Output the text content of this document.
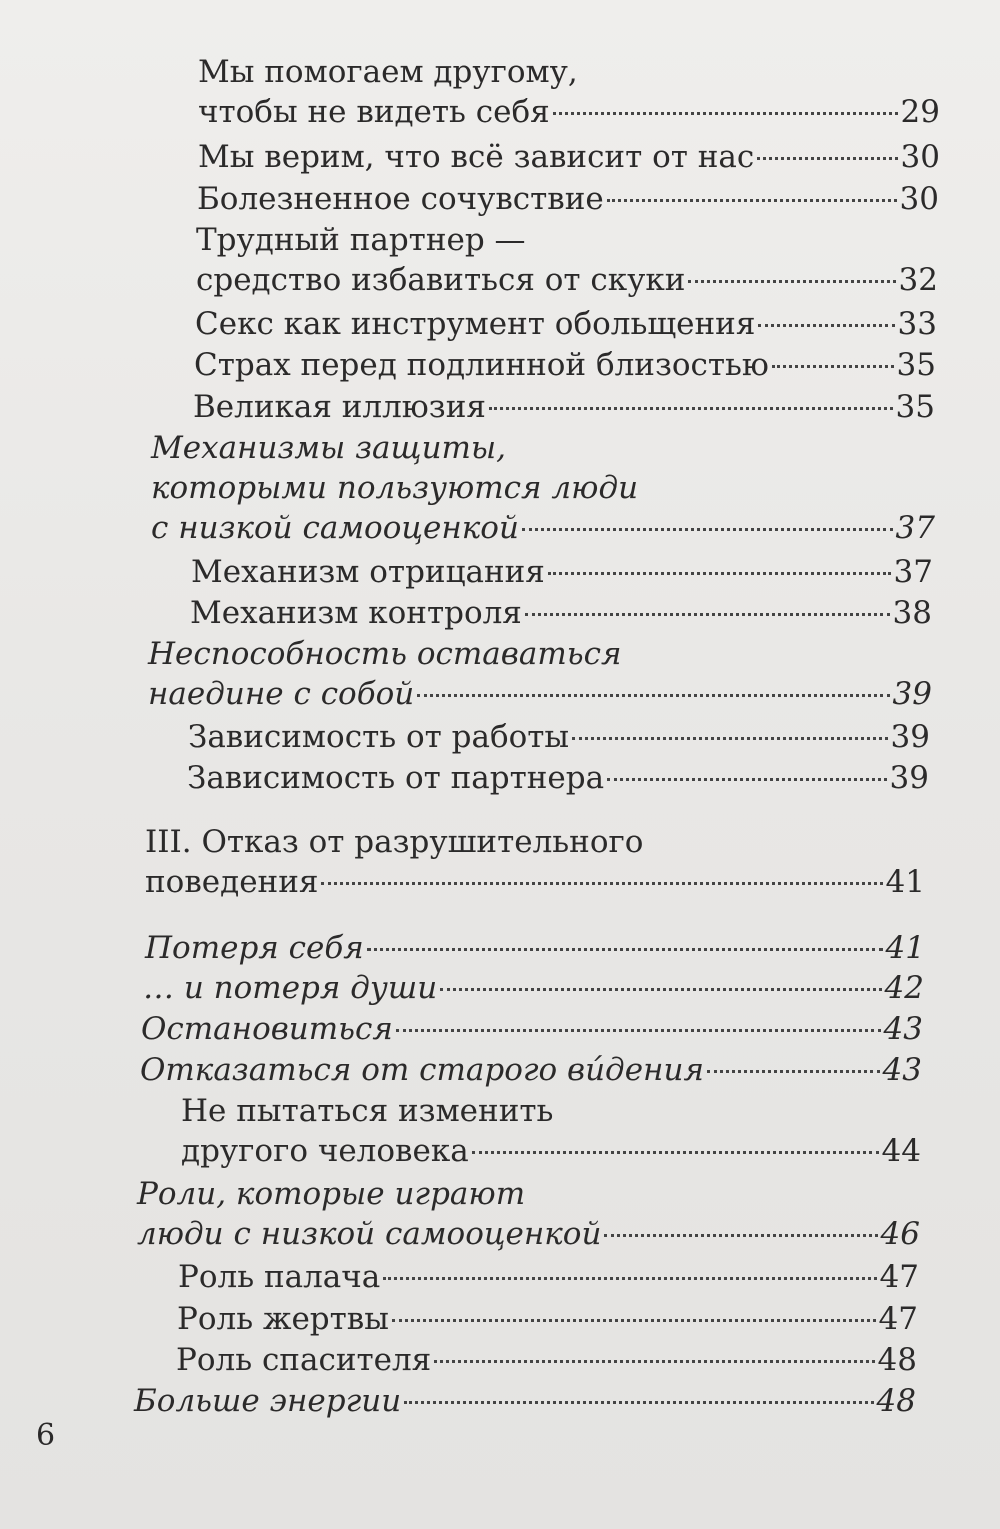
Мы помогаем другому,
чтобы не видеть себя	29
Мы верим, что всё зависит от нас	30
Болезненное сочувствие	30
Трудный партнер —
средство избавиться от скуки	32
Секс как инструмент обольщения	33
Страх перед подлинной близостью	35
Великая иллюзия	35
Механизмы защиты,
которыми пользуются люди
с низкой самооценкой	37
Механизм отрицания	37
Механизм контроля	38
Неспособность оставаться
наедине с собой	39
Зависимость от работы	39
Зависимость от партнера	39
III. Отказ от разрушительного
поведения	41
Потеря себя	41
… и потеря души	42
Остановиться	43
Отказаться от старого вúдения	43
Не пытаться изменить
другого человека	44
Роли, которые играют
люди с низкой самооценкой	46
Роль палача	47
Роль жертвы	47
Роль спасителя	48
Больше энергии	48
6
